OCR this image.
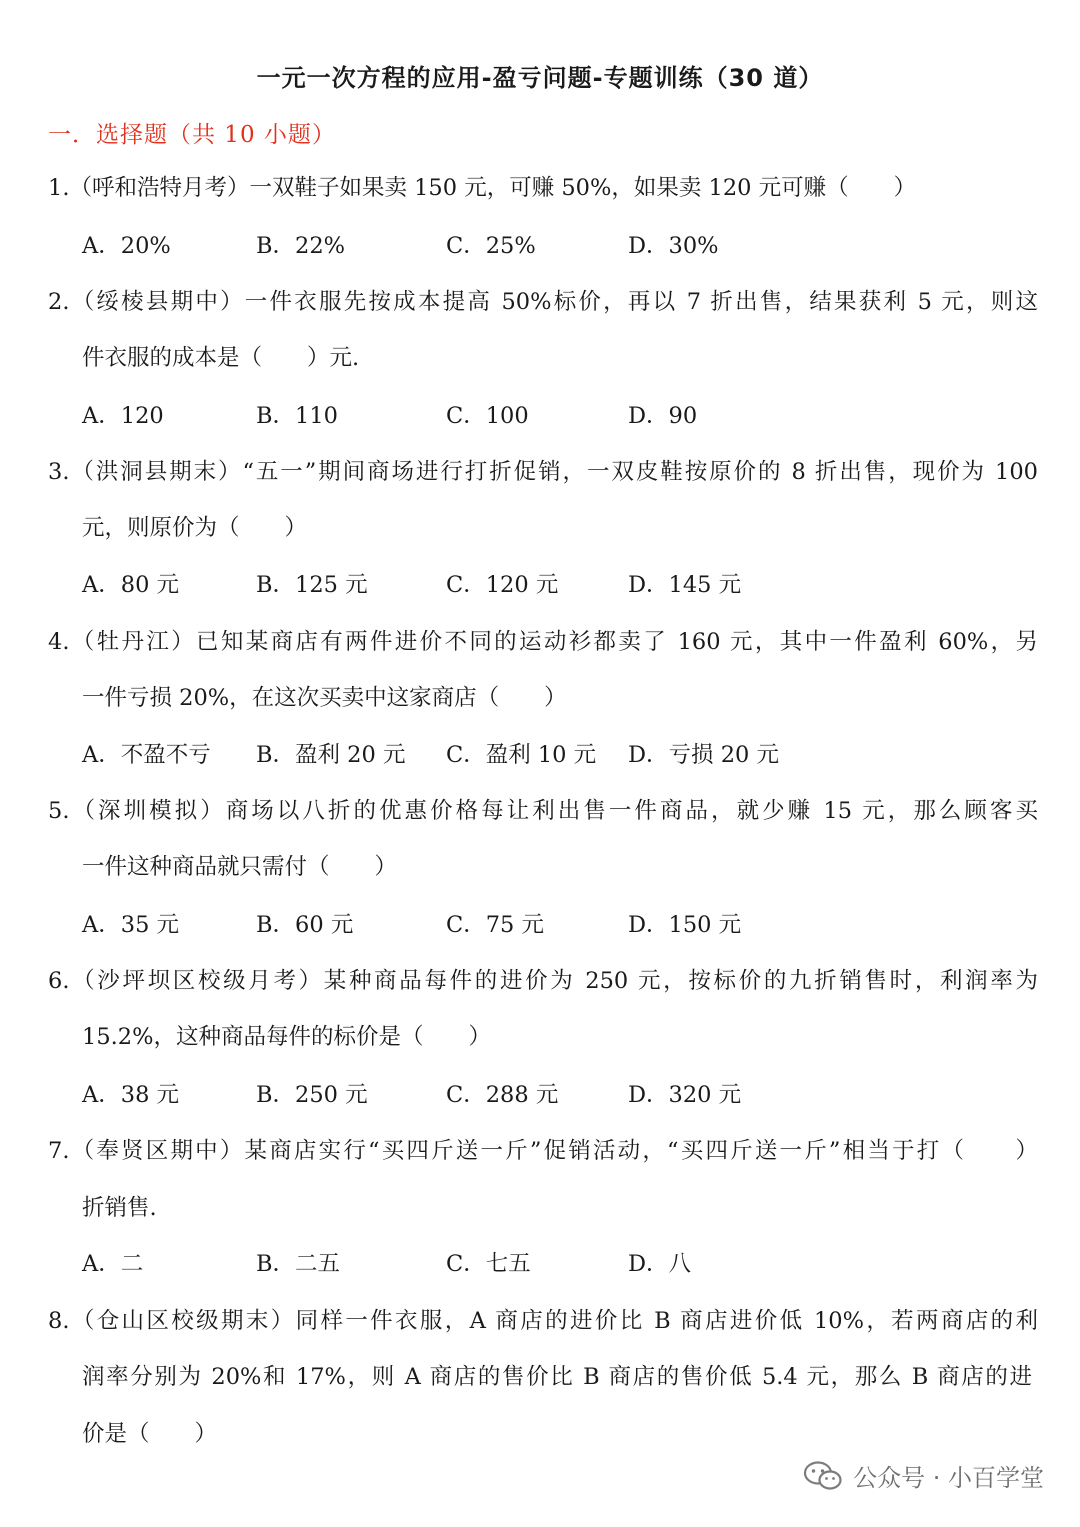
一元一次方程的应用-盈亏问题-专题训练（30 道）
一．选择题（共 10 小题）
1.（呼和浩特月考）一双鞋子如果卖 150 元，可赚 50%，如果卖 120 元可赚（　　）
A．20%	B．22%	C．25%	D．30%
2.（绥棱县期中）一件衣服先按成本提高 50%标价，再以 7 折出售，结果获利 5 元，则这
件衣服的成本是（　　）元.
A．120	B．110	C．100	D．90
3.（洪洞县期末）“五一”期间商场进行打折促销，一双皮鞋按原价的 8 折出售，现价为 100
元，则原价为（　　）
A．80 元	B．125 元	C．120 元	D．145 元
4.（牡丹江）已知某商店有两件进价不同的运动衫都卖了 160 元，其中一件盈利 60%，另
一件亏损 20%，在这次买卖中这家商店（　　）
A．不盈不亏 B．盈利 20 元 C．盈利 10 元 D．亏损 20 元
5.（深圳模拟）商场以八折的优惠价格每让利出售一件商品，就少赚 15 元，那么顾客买
一件这种商品就只需付（　　）
A．35 元	B．60 元	C．75 元	D．150 元
6.（沙坪坝区校级月考）某种商品每件的进价为 250 元，按标价的九折销售时，利润率为
15.2%，这种商品每件的标价是（　　）
A．38 元	B．250 元	C．288 元	D．320 元
7.（奉贤区期中）某商店实行“买四斤送一斤”促销活动，“买四斤送一斤”相当于打（　　）
折销售.
A．二	B．二五	C．七五	D．八
8.（仓山区校级期末）同样一件衣服，A 商店的进价比 B 商店进价低 10%，若两商店的利
润率分别为 20%和 17%，则 A 商店的售价比 B 商店的售价低 5.4 元，那么 B 商店的进
价是（　　）
公众号 · 小百学堂
